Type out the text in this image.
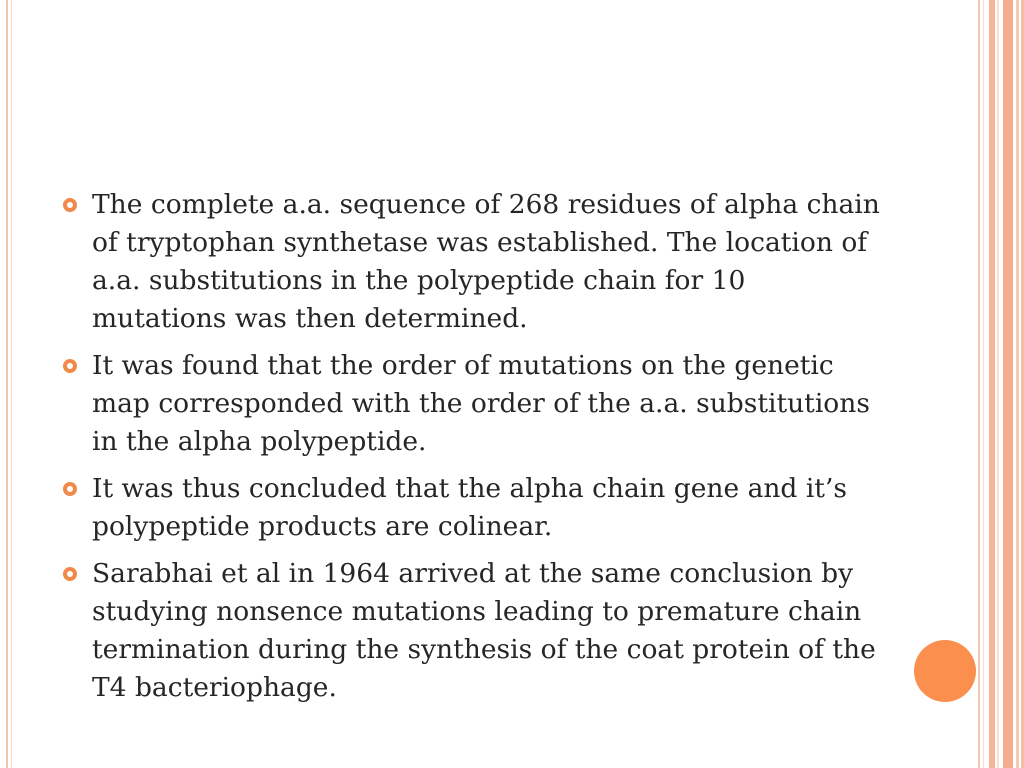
The complete a.a. sequence of 268 residues of alpha chain of tryptophan synthetase was established. The location of a.a. substitutions in the polypeptide chain for 10 mutations was then determined.
It was found that the order of mutations on the genetic map corresponded with the order of the a.a. substitutions in the alpha polypeptide.
It was thus concluded that the alpha chain gene and it’s polypeptide products are colinear.
Sarabhai et al in 1964 arrived at the same conclusion by studying nonsence mutations leading to premature chain termination during the synthesis of the coat protein of the T4 bacteriophage.
